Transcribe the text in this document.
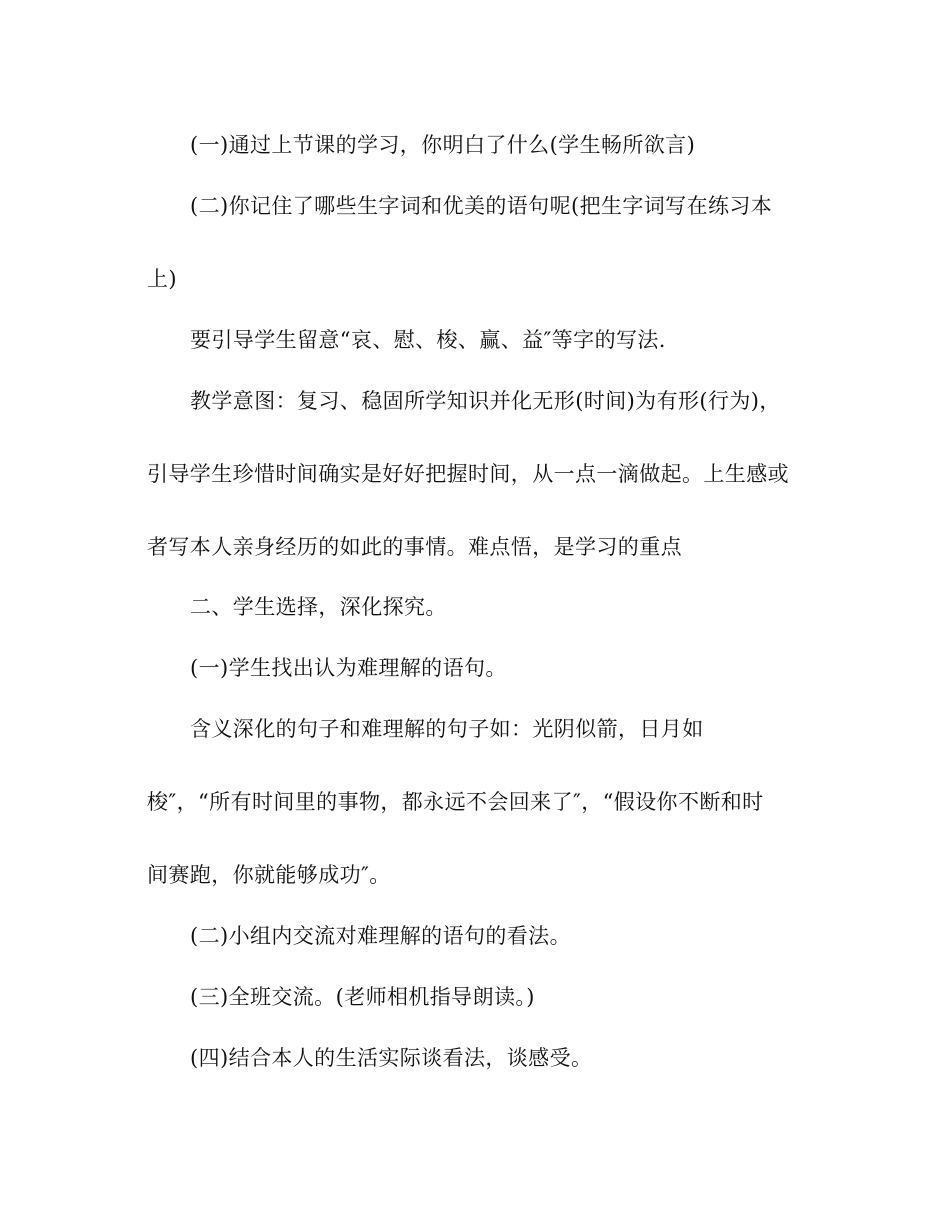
(一)通过上节课的学习，你明白了什么(学生畅所欲言)
(二)你记住了哪些生字词和优美的语句呢(把生字词写在练习本
上)
要引导学生留意“哀、慰、梭、赢、益″等字的写法.
教学意图：复习、稳固所学知识并化无形(时间)为有形(行为)，
引导学生珍惜时间确实是好好把握时间，从一点一滴做起。上生感或
者写本人亲身经历的如此的事情。难点悟，是学习的重点
二、学生选择，深化探究。
(一)学生找出认为难理解的语句。
含义深化的句子和难理解的句子如：光阴似箭，日月如
梭″，“所有时间里的事物，都永远不会回来了″，“假设你不断和时
间赛跑，你就能够成功″。
(二)小组内交流对难理解的语句的看法。
(三)全班交流。(老师相机指导朗读。)
(四)结合本人的生活实际谈看法，谈感受。
